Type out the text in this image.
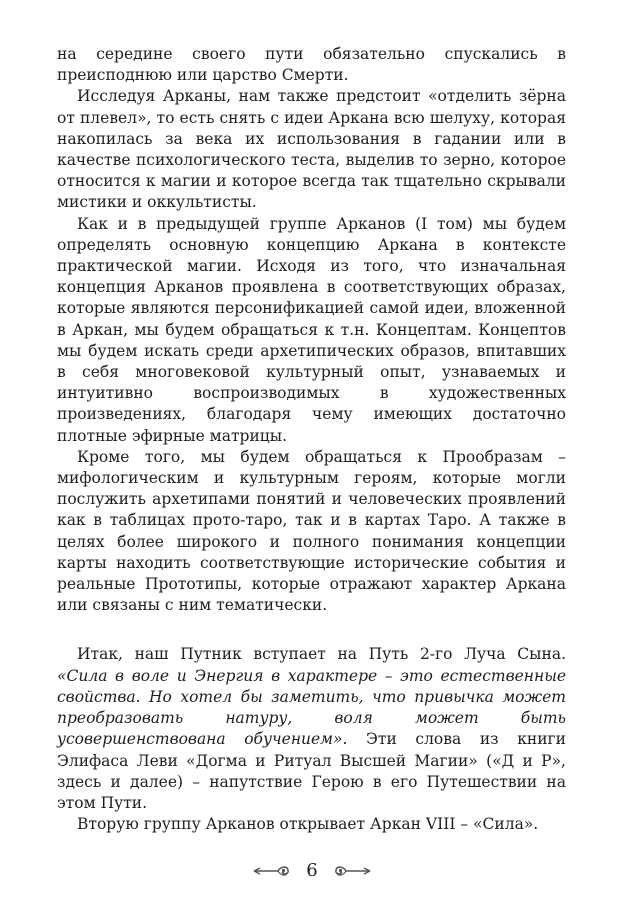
на середине своего пути обязательно спускались в преисподнюю или царство Смерти.

Исследуя Арканы, нам также предстоит «отделить зёрна от плевел», то есть снять с идеи Аркана всю шелуху, которая накопилась за века их использования в гадании или в качестве психологического теста, выделив то зерно, которое относится к магии и которое всегда так тщательно скрывали мистики и оккультисты.

Как и в предыдущей группе Арканов (I том) мы будем определять основную концепцию Аркана в контексте практической магии. Исходя из того, что изначальная концепция Арканов проявлена в соответствующих образах, которые являются персонификацией самой идеи, вложенной в Аркан, мы будем обращаться к т.н. Концептам. Концептов мы будем искать среди архетипических образов, впитавших в себя многовековой культурный опыт, узнаваемых и интуитивно воспроизводимых в художественных произведениях, благодаря чему имеющих достаточно плотные эфирные матрицы.

Кроме того, мы будем обращаться к Прообразам – мифологическим и культурным героям, которые могли послужить архетипами понятий и человеческих проявлений как в таблицах прото-таро, так и в картах Таро. А также в целях более широкого и полного понимания концепции карты находить соответствующие исторические события и реальные Прототипы, которые отражают характер Аркана или связаны с ним тематически.

Итак, наш Путник вступает на Путь 2-го Луча Сына. «Сила в воле и Энергия в характере – это естественные свойства. Но хотел бы заметить, что привычка может преобразовать натуру, воля может быть усовершенствована обучением». Эти слова из книги Элифаса Леви «Догма и Ритуал Высшей Магии» («Д и Р», здесь и далее) – напутствие Герою в его Путешествии на этом Пути.

Вторую группу Арканов открывает Аркан VIII – «Сила».

6
